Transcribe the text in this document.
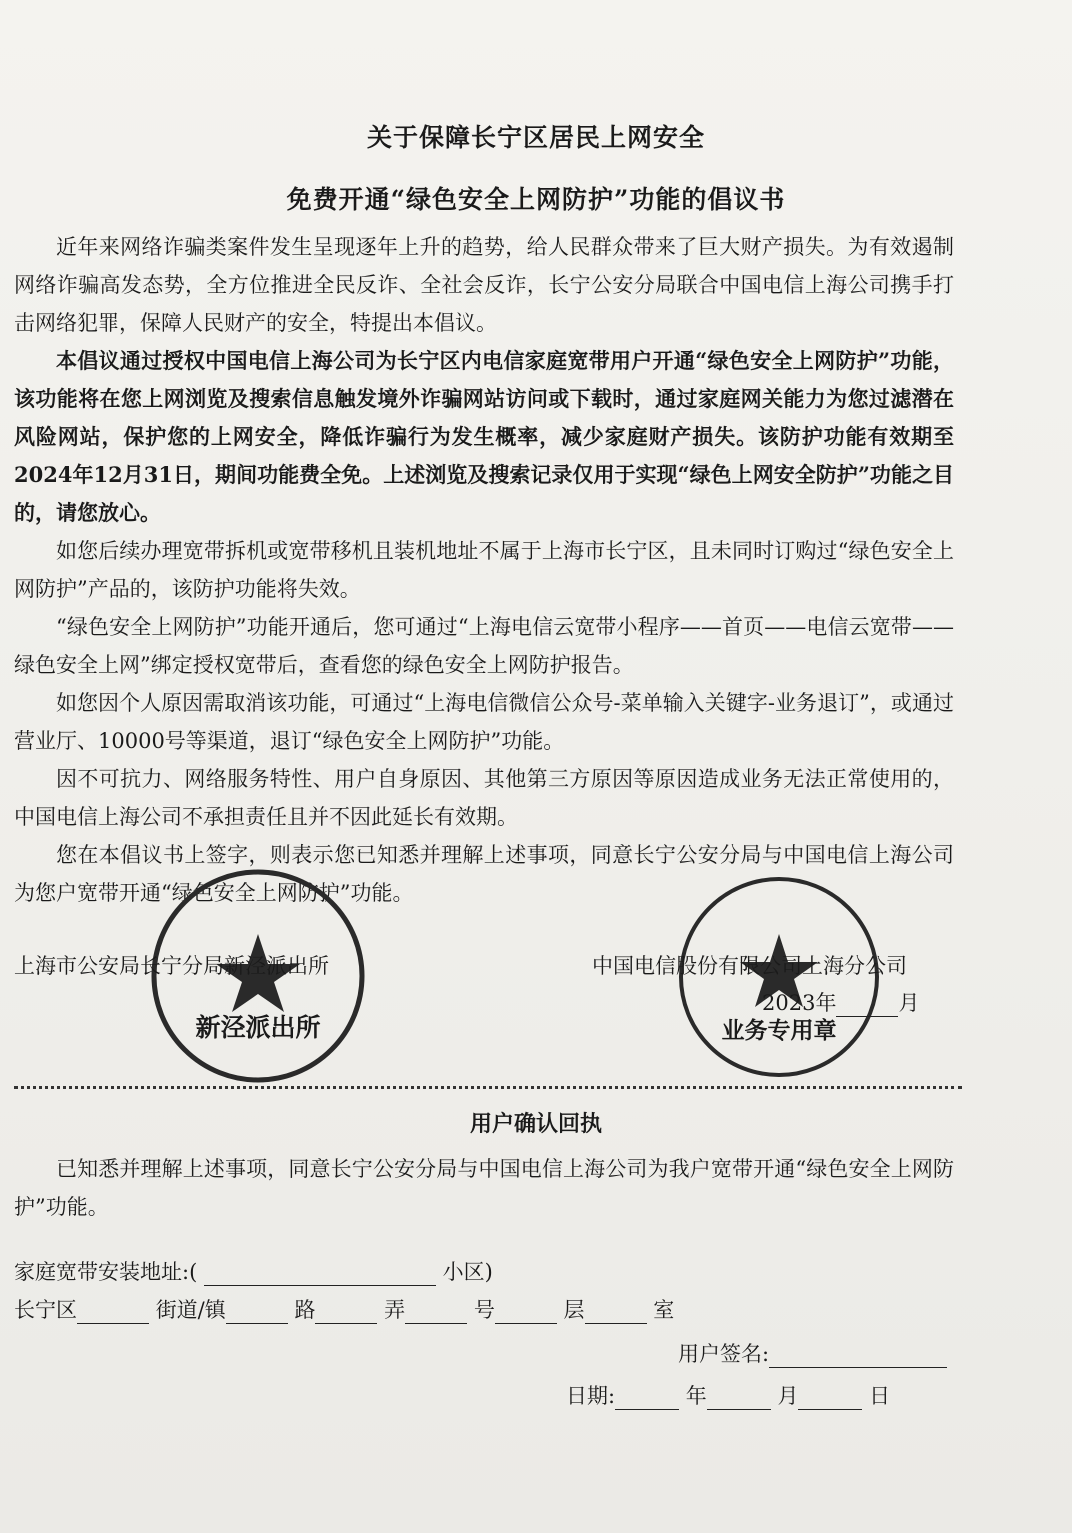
关于保障长宁区居民上网安全
免费开通“绿色安全上网防护”功能的倡议书

近年来网络诈骗类案件发生呈现逐年上升的趋势，给人民群众带来了巨大财产损失。为有效遏制网络诈骗高发态势，全方位推进全民反诈、全社会反诈，长宁公安分局联合中国电信上海公司携手打击网络犯罪，保障人民财产的安全，特提出本倡议。

本倡议通过授权中国电信上海公司为长宁区内电信家庭宽带用户开通“绿色安全上网防护”功能，该功能将在您上网浏览及搜索信息触发境外诈骗网站访问或下载时，通过家庭网关能力为您过滤潜在风险网站，保护您的上网安全，降低诈骗行为发生概率，减少家庭财产损失。该防护功能有效期至2024年12月31日，期间功能费全免。上述浏览及搜索记录仅用于实现“绿色上网安全防护”功能之目的，请您放心。

如您后续办理宽带拆机或宽带移机且装机地址不属于上海市长宁区，且未同时订购过“绿色安全上网防护”产品的，该防护功能将失效。

“绿色安全上网防护”功能开通后，您可通过“上海电信云宽带小程序——首页——电信云宽带——绿色安全上网”绑定授权宽带后，查看您的绿色安全上网防护报告。

如您因个人原因需取消该功能，可通过“上海电信微信公众号-菜单输入关键字-业务退订”，或通过营业厅、10000号等渠道，退订“绿色安全上网防护”功能。

因不可抗力、网络服务特性、用户自身原因、其他第三方原因等原因造成业务无法正常使用的，中国电信上海公司不承担责任且并不因此延长有效期。

您在本倡议书上签字，则表示您已知悉并理解上述事项，同意长宁公安分局与中国电信上海公司为您户宽带开通“绿色安全上网防护”功能。

新泾派出所	业务专用章
上海市公安局长宁分局新泾派出所	中国电信股份有限公司上海分公司
2023年	月
用户确认回执

已知悉并理解上述事项，同意长宁公安分局与中国电信上海公司为我户宽带开通“绿色安全上网防护”功能。

家庭宽带安装地址:(	小区)
长宁区	街道/镇	路	弄	号	层	室
用户签名:
日期:	年	月	日
